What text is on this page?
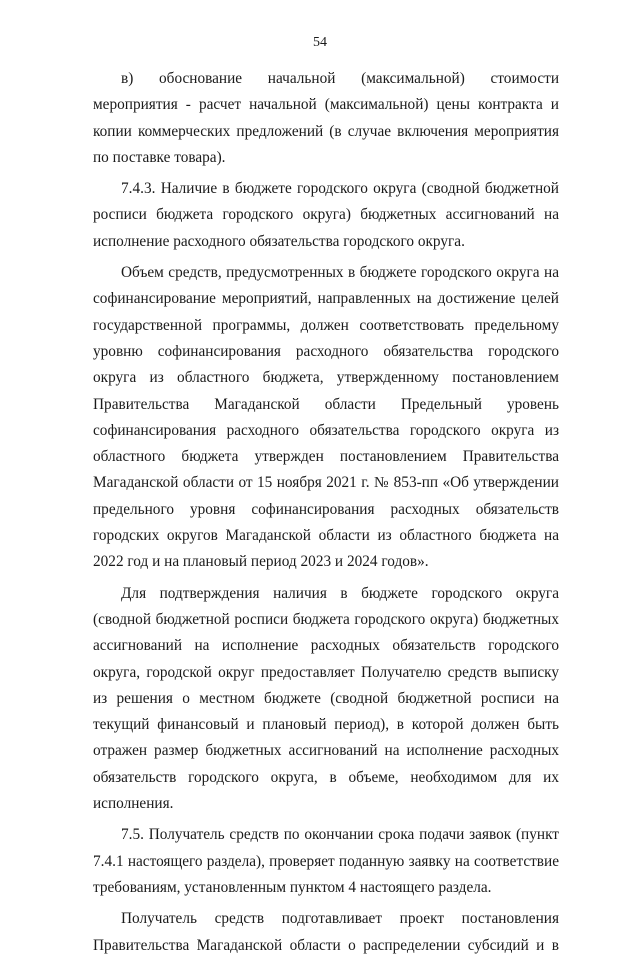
54

в) обоснование начальной (максимальной) стоимости мероприятия - расчет начальной (максимальной) цены контракта и копии коммерческих предложений (в случае включения мероприятия по поставке товара).

7.4.3. Наличие в бюджете городского округа (сводной бюджетной росписи бюджета городского округа) бюджетных ассигнований на исполнение расходного обязательства городского округа.

Объем средств, предусмотренных в бюджете городского округа на софинансирование мероприятий, направленных на достижение целей государственной программы, должен соответствовать предельному уровню софинансирования расходного обязательства городского округа из областного бюджета, утвержденному постановлением Правительства Магаданской области Предельный уровень софинансирования расходного обязательства городского округа из областного бюджета утвержден постановлением Правительства Магаданской области от 15 ноября 2021 г. № 853-пп «Об утверждении предельного уровня софинансирования расходных обязательств городских округов Магаданской области из областного бюджета на 2022 год и на плановый период 2023 и 2024 годов».

Для подтверждения наличия в бюджете городского округа (сводной бюджетной росписи бюджета городского округа) бюджетных ассигнований на исполнение расходных обязательств городского округа, городской округ предоставляет Получателю средств выписку из решения о местном бюджете (сводной бюджетной росписи на текущий финансовый и плановый период), в которой должен быть отражен размер бюджетных ассигнований на исполнение расходных обязательств городского округа, в объеме, необходимом для их исполнения.

7.5. Получатель средств по окончании срока подачи заявок (пункт 7.4.1 настоящего раздела), проверяет поданную заявку на соответствие требованиям, установленным пунктом 4 настоящего раздела.

Получатель средств подготавливает проект постановления Правительства Магаданской области о распределении субсидий и в
